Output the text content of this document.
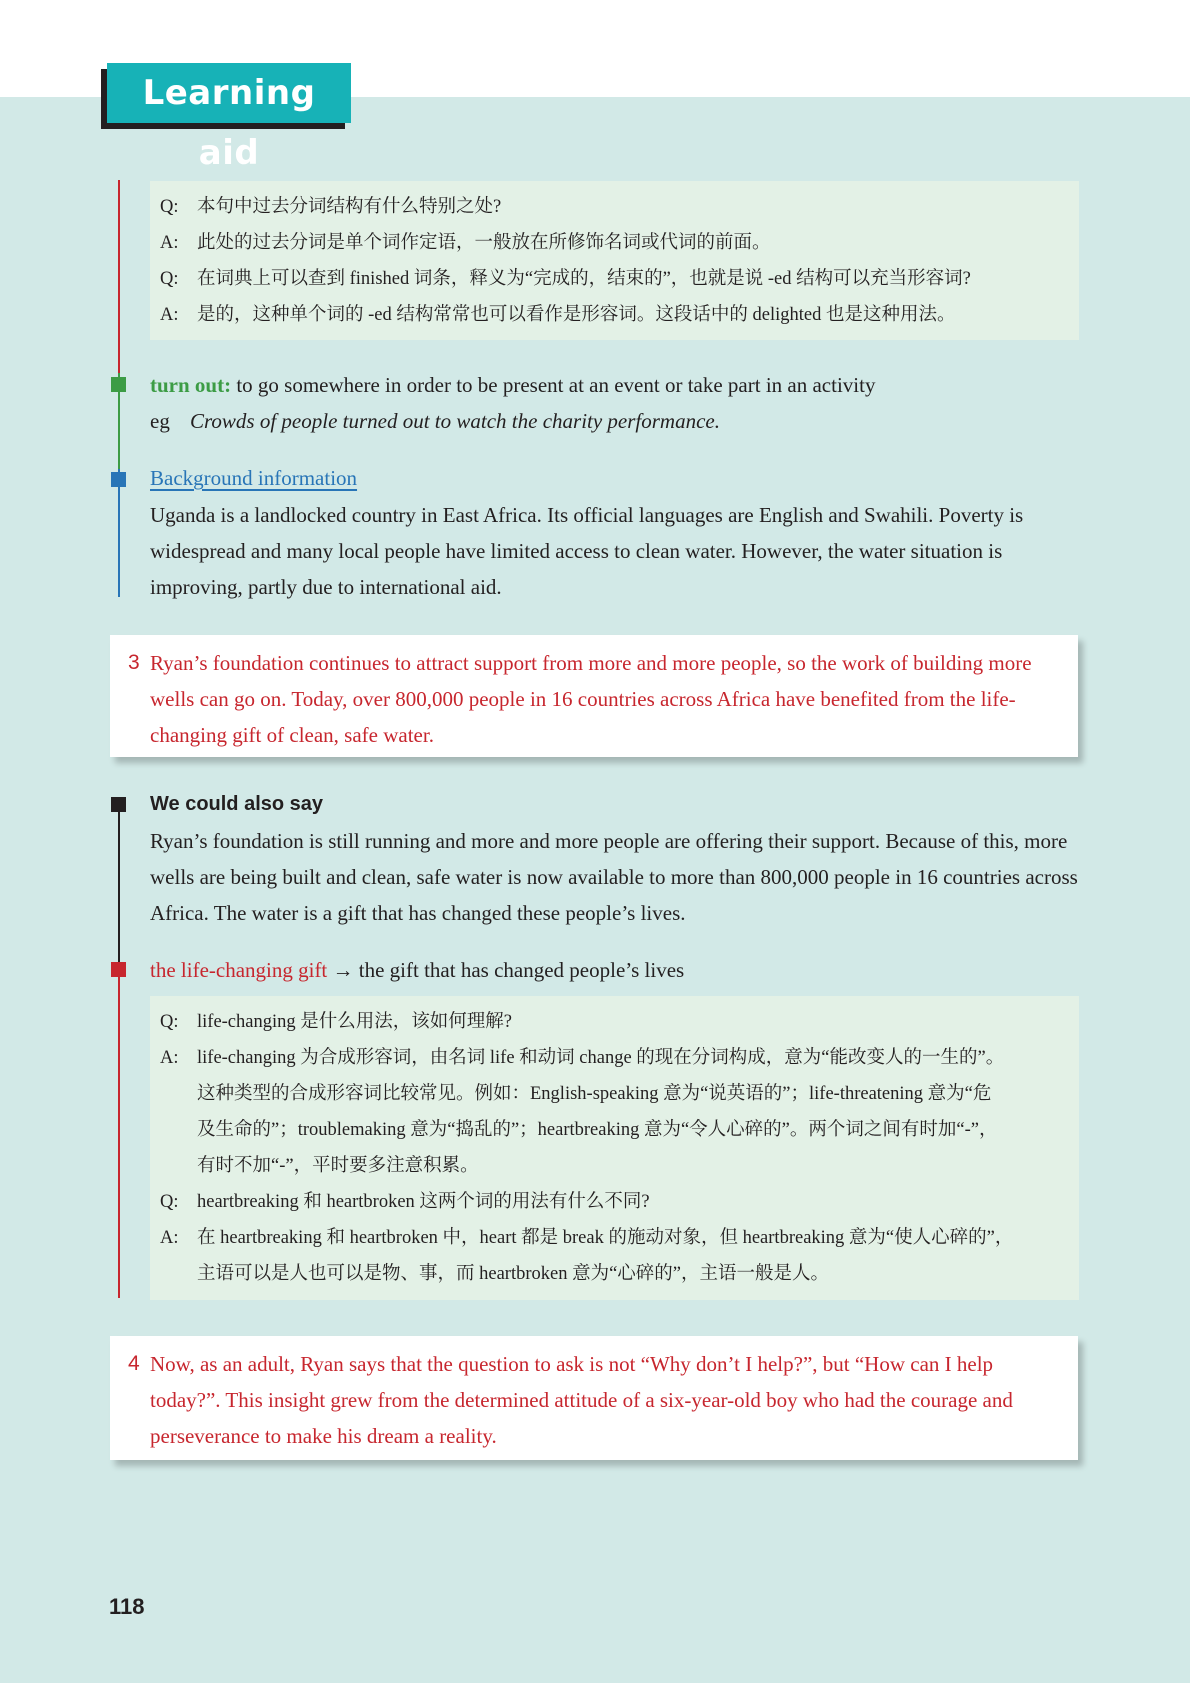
Learning aid
Q:	本句中过去分词结构有什么特别之处?
A:	此处的过去分词是单个词作定语，一般放在所修饰名词或代词的前面。
Q:	在词典上可以查到 finished 词条，释义为“完成的，结束的”，也就是说 -ed 结构可以充当形容词?
A:	是的，这种单个词的 -ed 结构常常也可以看作是形容词。这段话中的 delighted 也是这种用法。
turn out: to go somewhere in order to be present at an event or take part in an activity
eg Crowds of people turned out to watch the charity performance.
Background information
Uganda is a landlocked country in East Africa. Its official languages are English and Swahili. Poverty is widespread and many local people have limited access to clean water. However, the water situation is improving, partly due to international aid.
3 Ryan’s foundation continues to attract support from more and more people, so the work of building more wells can go on. Today, over 800,000 people in 16 countries across Africa have benefited from the life-changing gift of clean, safe water.
We could also say
Ryan’s foundation is still running and more and more people are offering their support. Because of this, more wells are being built and clean, safe water is now available to more than 800,000 people in 16 countries across Africa. The water is a gift that has changed these people’s lives.
the life-changing gift → the gift that has changed people’s lives
Q:	life-changing 是什么用法，该如何理解?
A:	life-changing 为合成形容词，由名词 life 和动词 change 的现在分词构成，意为“能改变人的一生的”。
这种类型的合成形容词比较常见。例如：English-speaking 意为“说英语的”；life-threatening 意为“危
及生命的”；troublemaking 意为“捣乱的”；heartbreaking 意为“令人心碎的”。两个词之间有时加“-”，
有时不加“-”，平时要多注意积累。
Q:	heartbreaking 和 heartbroken 这两个词的用法有什么不同?
A:	在 heartbreaking 和 heartbroken 中，heart 都是 break 的施动对象，但 heartbreaking 意为“使人心碎的”，
主语可以是人也可以是物、事，而 heartbroken 意为“心碎的”，主语一般是人。
4 Now, as an adult, Ryan says that the question to ask is not “Why don’t I help?”, but “How can I help today?”. This insight grew from the determined attitude of a six-year-old boy who had the courage and perseverance to make his dream a reality.
118
